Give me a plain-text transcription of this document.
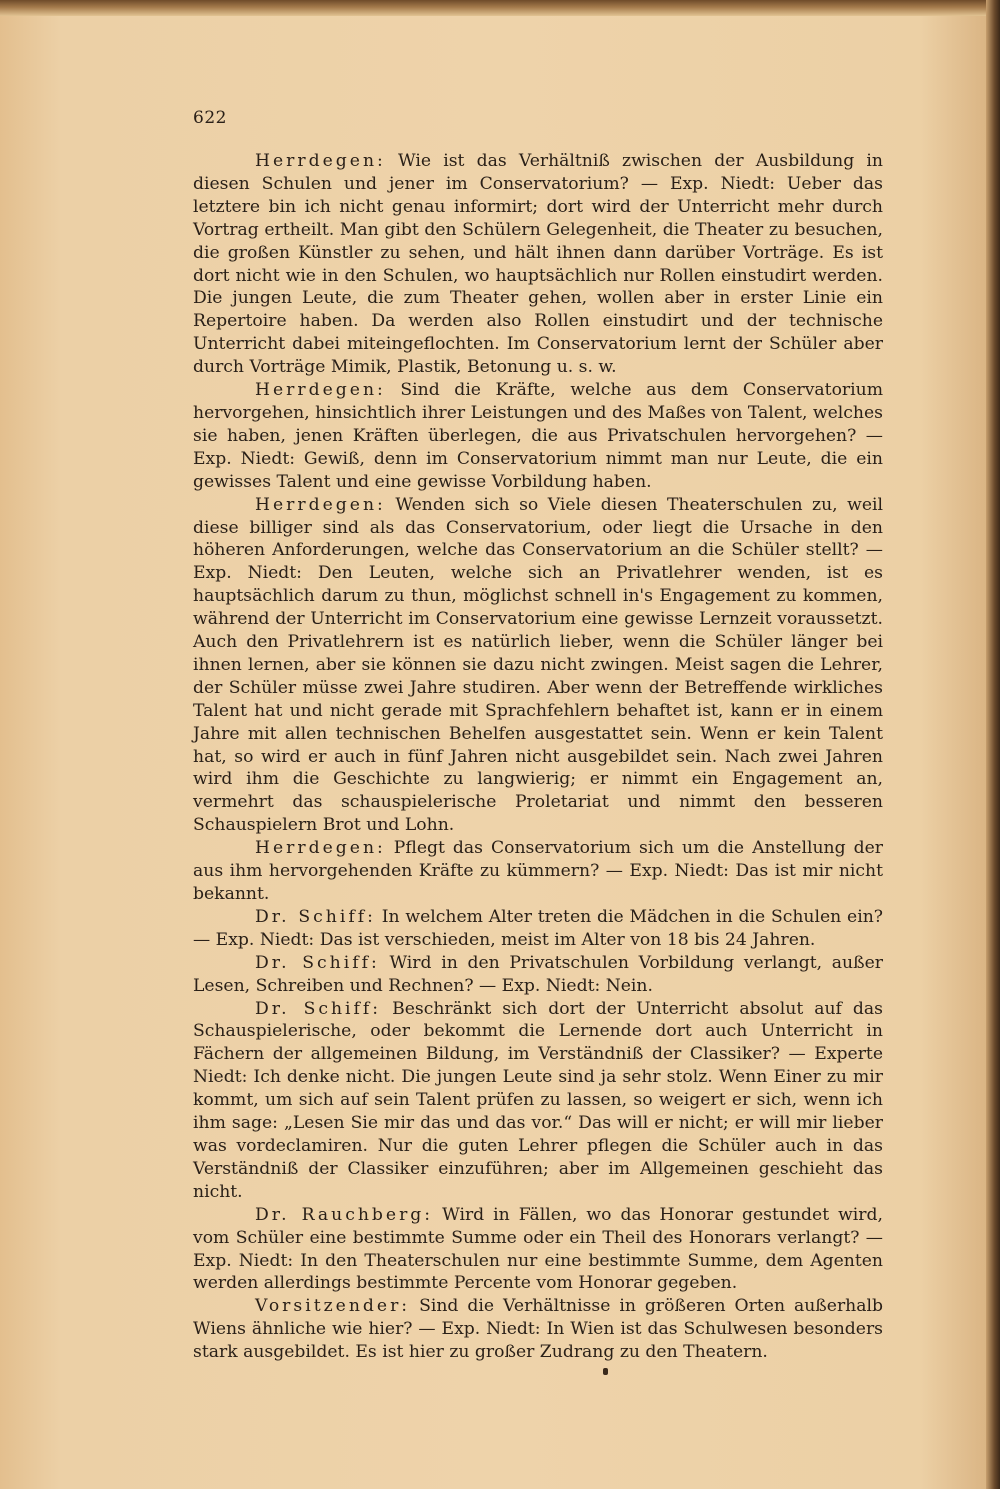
622

Herrdegen: Wie ist das Verhältniß zwischen der Ausbildung in diesen Schulen und jener im Conservatorium? — Exp. Niedt: Ueber das letztere bin ich nicht genau informirt; dort wird der Unterricht mehr durch Vortrag ertheilt. Man gibt den Schülern Gelegenheit, die Theater zu besuchen, die großen Künstler zu sehen, und hält ihnen dann darüber Vorträge. Es ist dort nicht wie in den Schulen, wo hauptsächlich nur Rollen einstudirt werden. Die jungen Leute, die zum Theater gehen, wollen aber in erster Linie ein Repertoire haben. Da werden also Rollen einstudirt und der technische Unterricht dabei miteingeflochten. Im Conservatorium lernt der Schüler aber durch Vorträge Mimik, Plastik, Betonung u. s. w.

Herrdegen: Sind die Kräfte, welche aus dem Conservatorium hervorgehen, hinsichtlich ihrer Leistungen und des Maßes von Talent, welches sie haben, jenen Kräften überlegen, die aus Privatschulen hervorgehen? — Exp. Niedt: Gewiß, denn im Conservatorium nimmt man nur Leute, die ein gewisses Talent und eine gewisse Vorbildung haben.

Herrdegen: Wenden sich so Viele diesen Theaterschulen zu, weil diese billiger sind als das Conservatorium, oder liegt die Ursache in den höheren Anforderungen, welche das Conservatorium an die Schüler stellt? — Exp. Niedt: Den Leuten, welche sich an Privatlehrer wenden, ist es hauptsächlich darum zu thun, möglichst schnell in's Engagement zu kommen, während der Unterricht im Conservatorium eine gewisse Lernzeit voraussetzt. Auch den Privatlehrern ist es natürlich lieber, wenn die Schüler länger bei ihnen lernen, aber sie können sie dazu nicht zwingen. Meist sagen die Lehrer, der Schüler müsse zwei Jahre studiren. Aber wenn der Betreffende wirkliches Talent hat und nicht gerade mit Sprachfehlern behaftet ist, kann er in einem Jahre mit allen technischen Behelfen ausgestattet sein. Wenn er kein Talent hat, so wird er auch in fünf Jahren nicht ausgebildet sein. Nach zwei Jahren wird ihm die Geschichte zu langwierig; er nimmt ein Engagement an, vermehrt das schauspielerische Proletariat und nimmt den besseren Schauspielern Brot und Lohn.

Herrdegen: Pflegt das Conservatorium sich um die Anstellung der aus ihm hervorgehenden Kräfte zu kümmern? — Exp. Niedt: Das ist mir nicht bekannt.

Dr. Schiff: In welchem Alter treten die Mädchen in die Schulen ein? — Exp. Niedt: Das ist verschieden, meist im Alter von 18 bis 24 Jahren.

Dr. Schiff: Wird in den Privatschulen Vorbildung verlangt, außer Lesen, Schreiben und Rechnen? — Exp. Niedt: Nein.

Dr. Schiff: Beschränkt sich dort der Unterricht absolut auf das Schauspielerische, oder bekommt die Lernende dort auch Unterricht in Fächern der allgemeinen Bildung, im Verständniß der Classiker? — Experte Niedt: Ich denke nicht. Die jungen Leute sind ja sehr stolz. Wenn Einer zu mir kommt, um sich auf sein Talent prüfen zu lassen, so weigert er sich, wenn ich ihm sage: „Lesen Sie mir das und das vor.“ Das will er nicht; er will mir lieber was vordeclamiren. Nur die guten Lehrer pflegen die Schüler auch in das Verständniß der Classiker einzuführen; aber im Allgemeinen geschieht das nicht.

Dr. Rauchberg: Wird in Fällen, wo das Honorar gestundet wird, vom Schüler eine bestimmte Summe oder ein Theil des Honorars verlangt? — Exp. Niedt: In den Theaterschulen nur eine bestimmte Summe, dem Agenten werden allerdings bestimmte Percente vom Honorar gegeben.

Vorsitzender: Sind die Verhältnisse in größeren Orten außerhalb Wiens ähnliche wie hier? — Exp. Niedt: In Wien ist das Schulwesen besonders stark ausgebildet. Es ist hier zu großer Zudrang zu den Theatern.
